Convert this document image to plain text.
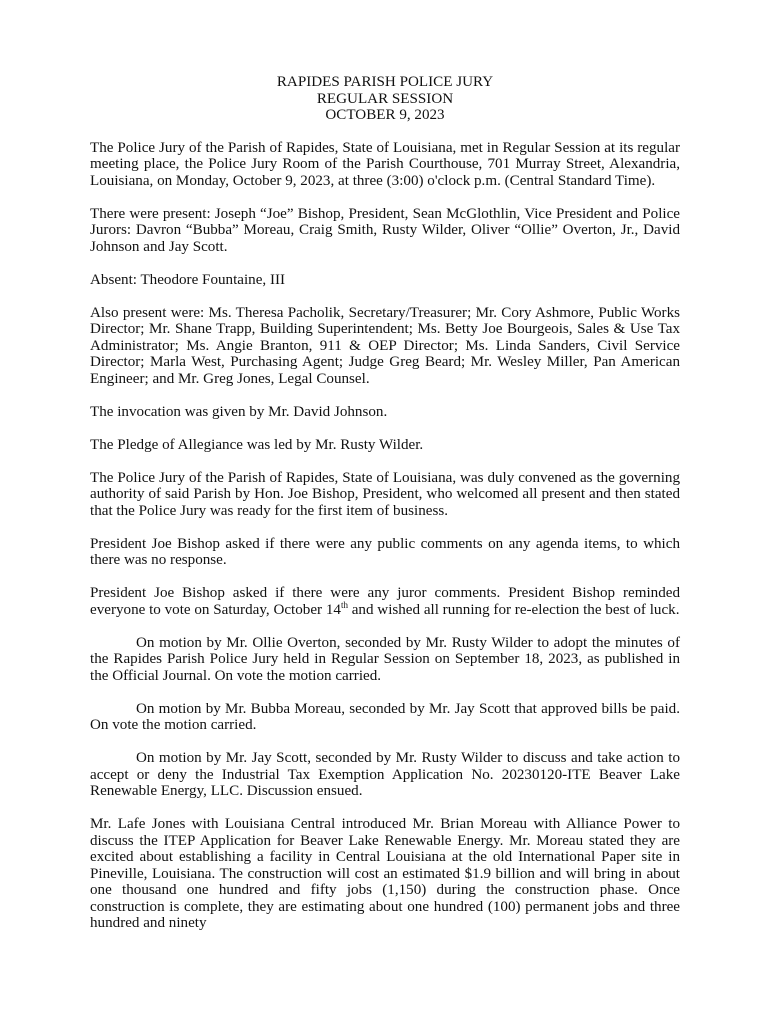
RAPIDES PARISH POLICE JURY
REGULAR SESSION
OCTOBER 9, 2023

The Police Jury of the Parish of Rapides, State of Louisiana, met in Regular Session at its regular meeting place, the Police Jury Room of the Parish Courthouse, 701 Murray Street, Alexandria, Louisiana, on Monday, October 9, 2023, at three (3:00) o'clock p.m. (Central Standard Time).

There were present: Joseph “Joe” Bishop, President, Sean McGlothlin, Vice President and Police Jurors: Davron “Bubba” Moreau, Craig Smith, Rusty Wilder, Oliver “Ollie” Overton, Jr., David Johnson and Jay Scott.

Absent: Theodore Fountaine, III

Also present were: Ms. Theresa Pacholik, Secretary/Treasurer; Mr. Cory Ashmore, Public Works Director; Mr. Shane Trapp, Building Superintendent; Ms. Betty Joe Bourgeois, Sales & Use Tax Administrator; Ms. Angie Branton, 911 & OEP Director; Ms. Linda Sanders, Civil Service Director; Marla West, Purchasing Agent; Judge Greg Beard; Mr. Wesley Miller, Pan American Engineer; and Mr. Greg Jones, Legal Counsel.

The invocation was given by Mr. David Johnson.

The Pledge of Allegiance was led by Mr. Rusty Wilder.

The Police Jury of the Parish of Rapides, State of Louisiana, was duly convened as the governing authority of said Parish by Hon. Joe Bishop, President, who welcomed all present and then stated that the Police Jury was ready for the first item of business.

President Joe Bishop asked if there were any public comments on any agenda items, to which there was no response.

President Joe Bishop asked if there were any juror comments. President Bishop reminded everyone to vote on Saturday, October 14th and wished all running for re-election the best of luck.

On motion by Mr. Ollie Overton, seconded by Mr. Rusty Wilder to adopt the minutes of the Rapides Parish Police Jury held in Regular Session on September 18, 2023, as published in the Official Journal. On vote the motion carried.

On motion by Mr. Bubba Moreau, seconded by Mr. Jay Scott that approved bills be paid. On vote the motion carried.

On motion by Mr. Jay Scott, seconded by Mr. Rusty Wilder to discuss and take action to accept or deny the Industrial Tax Exemption Application No. 20230120-ITE Beaver Lake Renewable Energy, LLC. Discussion ensued.

Mr. Lafe Jones with Louisiana Central introduced Mr. Brian Moreau with Alliance Power to discuss the ITEP Application for Beaver Lake Renewable Energy. Mr. Moreau stated they are excited about establishing a facility in Central Louisiana at the old International Paper site in Pineville, Louisiana. The construction will cost an estimated $1.9 billion and will bring in about one thousand one hundred and fifty jobs (1,150) during the construction phase. Once construction is complete, they are estimating about one hundred (100) permanent jobs and three hundred and ninety
